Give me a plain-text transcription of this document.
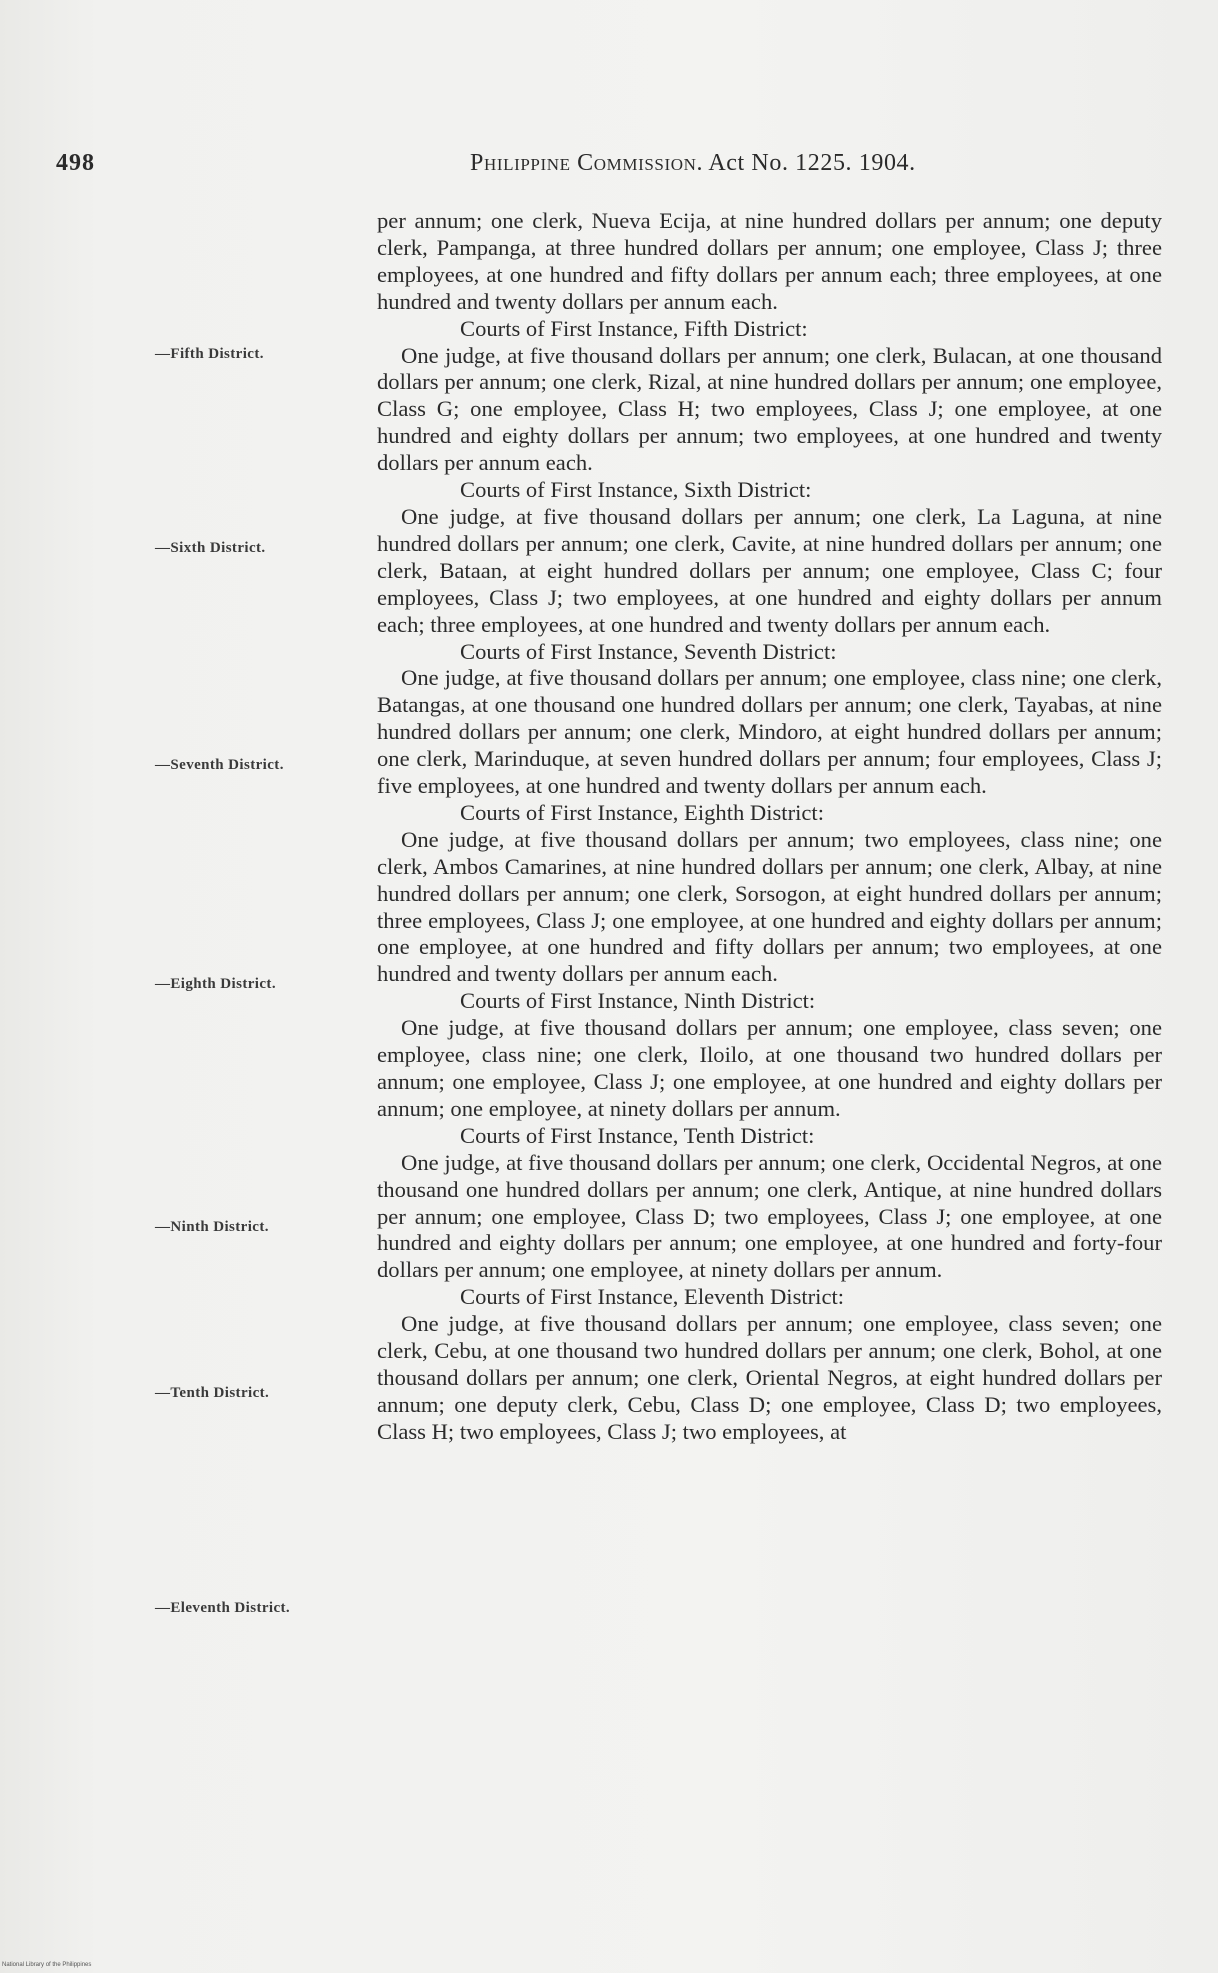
498	Philippine Commission. Act No. 1225. 1904.
—Fifth District.
—Sixth District.
—Seventh District.
—Eighth District.
—Ninth District.
—Tenth District.
—Eleventh District.

per annum; one clerk, Nueva Ecija, at nine hundred dollars per annum; one deputy clerk, Pampanga, at three hundred dollars per annum; one employee, Class J; three employees, at one hundred and fifty dollars per annum each; three employees, at one hundred and twenty dollars per annum each.

Courts of First Instance, Fifth District:

One judge, at five thousand dollars per annum; one clerk, Bulacan, at one thousand dollars per annum; one clerk, Rizal, at nine hundred dollars per annum; one employee, Class G; one employee, Class H; two employees, Class J; one employee, at one hundred and eighty dollars per annum; two employees, at one hundred and twenty dollars per annum each.

Courts of First Instance, Sixth District:

One judge, at five thousand dollars per annum; one clerk, La Laguna, at nine hundred dollars per annum; one clerk, Cavite, at nine hundred dollars per annum; one clerk, Bataan, at eight hundred dollars per annum; one employee, Class C; four employees, Class J; two employees, at one hundred and eighty dollars per annum each; three employees, at one hundred and twenty dollars per annum each.

Courts of First Instance, Seventh District:

One judge, at five thousand dollars per annum; one employee, class nine; one clerk, Batangas, at one thousand one hundred dollars per annum; one clerk, Tayabas, at nine hundred dollars per annum; one clerk, Mindoro, at eight hundred dollars per annum; one clerk, Marinduque, at seven hundred dollars per annum; four employees, Class J; five employees, at one hundred and twenty dollars per annum each.

Courts of First Instance, Eighth District:

One judge, at five thousand dollars per annum; two employees, class nine; one clerk, Ambos Camarines, at nine hundred dollars per annum; one clerk, Albay, at nine hundred dollars per annum; one clerk, Sorsogon, at eight hundred dollars per annum; three employees, Class J; one employee, at one hundred and eighty dollars per annum; one employee, at one hundred and fifty dollars per annum; two employees, at one hundred and twenty dollars per annum each.

Courts of First Instance, Ninth District:

One judge, at five thousand dollars per annum; one employee, class seven; one employee, class nine; one clerk, Iloilo, at one thousand two hundred dollars per annum; one employee, Class J; one employee, at one hundred and eighty dollars per annum; one employee, at ninety dollars per annum.

Courts of First Instance, Tenth District:

One judge, at five thousand dollars per annum; one clerk, Occidental Negros, at one thousand one hundred dollars per annum; one clerk, Antique, at nine hundred dollars per annum; one employee, Class D; two employees, Class J; one employee, at one hundred and eighty dollars per annum; one employee, at one hundred and forty-four dollars per annum; one employee, at ninety dollars per annum.

Courts of First Instance, Eleventh District:

One judge, at five thousand dollars per annum; one employee, class seven; one clerk, Cebu, at one thousand two hundred dollars per annum; one clerk, Bohol, at one thousand dollars per annum; one clerk, Oriental Negros, at eight hundred dollars per annum; one deputy clerk, Cebu, Class D; one employee, Class D; two employees, Class H; two employees, Class J; two employees, at

National Library of the Philippines
